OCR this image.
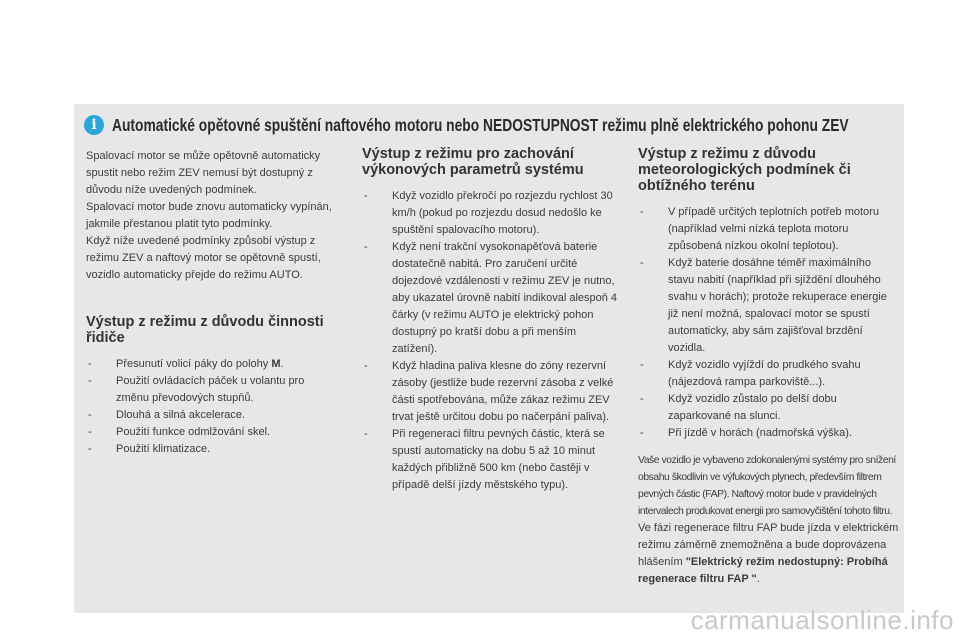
i Automatické opětovné spuštění naftového motoru nebo NEDOSTUPNOST režimu plně elektrického pohonu ZEV

Spalovací motor se může opětovně automaticky spustit nebo režim ZEV nemusí být dostupný z důvodu níže uvedených podmínek.

Spalovací motor bude znovu automaticky vypínán, jakmile přestanou platit tyto podmínky.

Když níže uvedené podmínky způsobí výstup z režimu ZEV a naftový motor se opětovně spustí, vozidlo automaticky přejde do režimu AUTO.

Výstup z režimu z důvodu činnosti řidiče

- Přesunutí volicí páky do polohy M.
- Použití ovládacích páček u volantu pro změnu převodových stupňů.
- Dlouhá a silná akcelerace.
- Použití funkce odmlžování skel.
- Použití klimatizace.

Výstup z režimu pro zachování výkonových parametrů systému

- Když vozidlo překročí po rozjezdu rychlost 30 km/h (pokud po rozjezdu dosud nedošlo ke spuštění spalovacího motoru).
- Když není trakční vysokonapěťová baterie dostatečně nabitá. Pro zaručení určité dojezdové vzdálenosti v režimu ZEV je nutno, aby ukazatel úrovně nabití indikoval alespoň 4 čárky (v režimu AUTO je elektrický pohon dostupný po kratší dobu a při menším zatížení).
- Když hladina paliva klesne do zóny rezervní zásoby (jestliže bude rezervní zásoba z velké části spotřebována, může zákaz režimu ZEV trvat ještě určitou dobu po načerpání paliva).
- Při regeneraci filtru pevných částic, která se spustí automaticky na dobu 5 až 10 minut každých přibližně 500 km (nebo častěji v případě delší jízdy městského typu).

Výstup z režimu z důvodu meteorologických podmínek či obtížného terénu

- V případě určitých teplotních potřeb motoru (například velmi nízká teplota motoru způsobená nízkou okolní teplotou).
- Když baterie dosáhne téměř maximálního stavu nabití (například při sjíždění dlouhého svahu v horách); protože rekuperace energie již není možná, spalovací motor se spustí automaticky, aby sám zajišťoval brzdění vozidla.
- Když vozidlo vyjíždí do prudkého svahu (nájezdová rampa parkoviště...).
- Když vozidlo zůstalo po delší dobu zaparkované na slunci.
- Při jízdě v horách (nadmořská výška).

Vaše vozidlo je vybaveno zdokonalenými systémy pro snížení obsahu škodlivin ve výfukových plynech, především filtrem pevných částic (FAP). Naftový motor bude v pravidelných intervalech produkovat energii pro samovyčištění tohoto filtru.

Ve fázi regenerace filtru FAP bude jízda v elektrickém režimu záměrně znemožněna a bude doprovázena hlášením "Elektrický režim nedostupný: Probíhá regenerace filtru FAP ".

carmanualsonline.info
